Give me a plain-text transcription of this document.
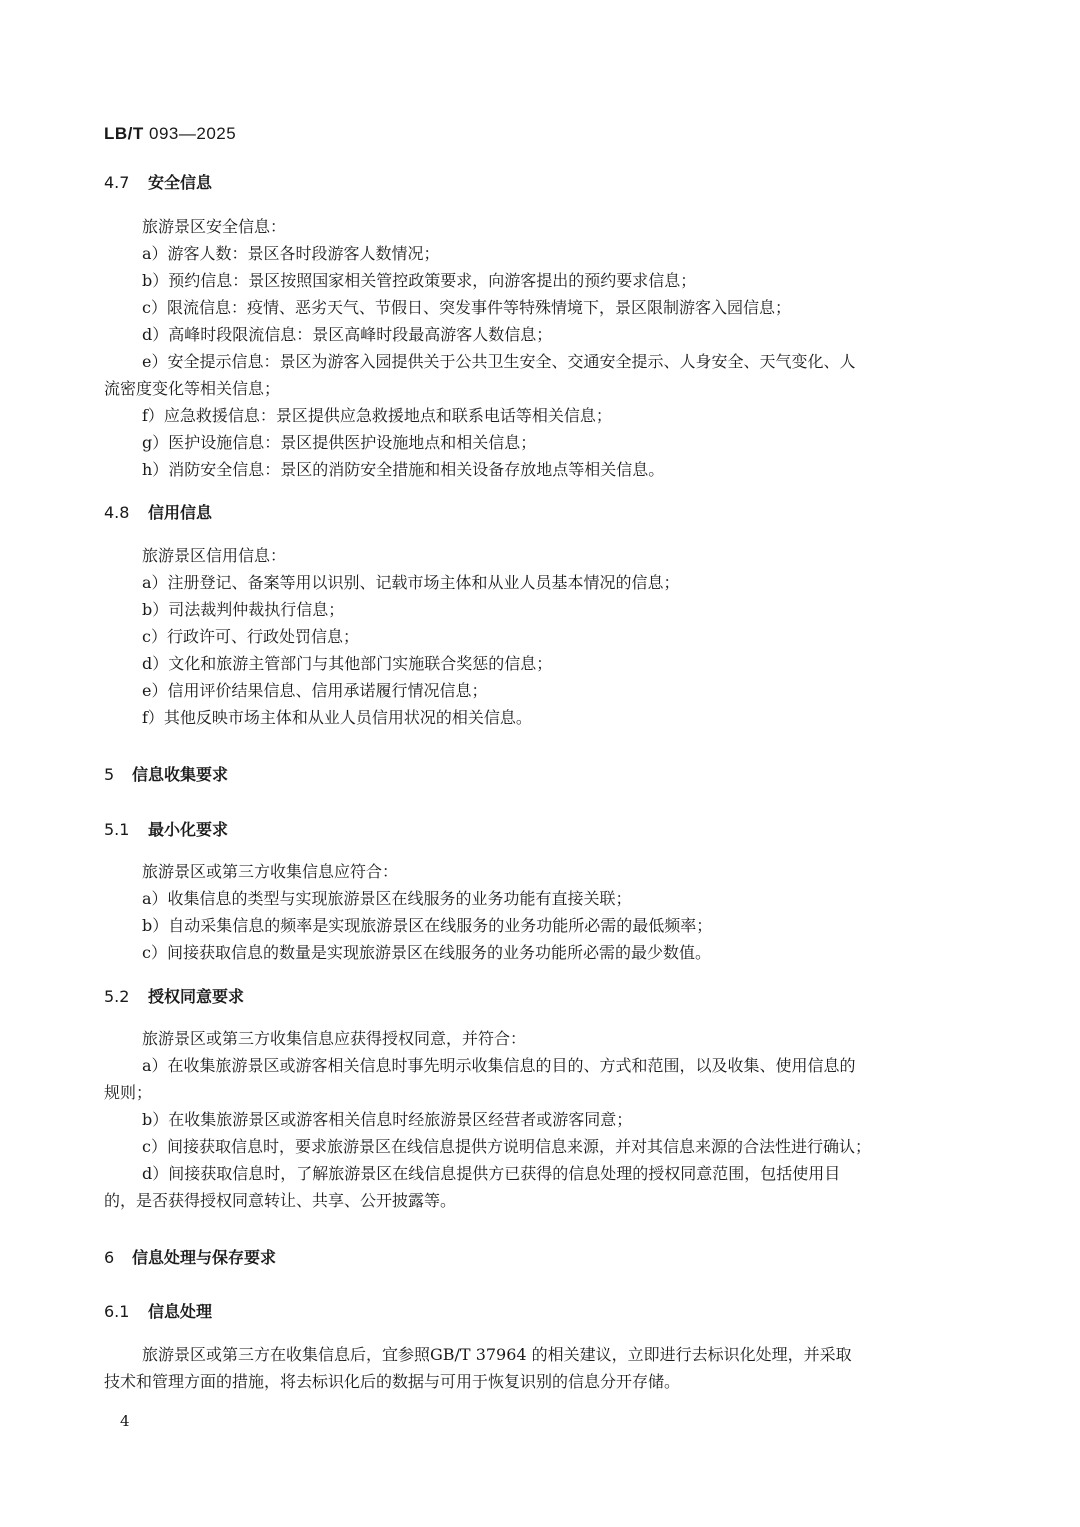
LB/T 093—2025
4.7 安全信息
旅游景区安全信息：
a）游客人数：景区各时段游客人数情况；
b）预约信息：景区按照国家相关管控政策要求，向游客提出的预约要求信息；
c）限流信息：疫情、恶劣天气、节假日、突发事件等特殊情境下，景区限制游客入园信息；
d）高峰时段限流信息：景区高峰时段最高游客人数信息；
e）安全提示信息：景区为游客入园提供关于公共卫生安全、交通安全提示、人身安全、天气变化、人
流密度变化等相关信息；
f）应急救援信息：景区提供应急救援地点和联系电话等相关信息；
g）医护设施信息：景区提供医护设施地点和相关信息；
h）消防安全信息：景区的消防安全措施和相关设备存放地点等相关信息。
4.8 信用信息
旅游景区信用信息：
a）注册登记、备案等用以识别、记载市场主体和从业人员基本情况的信息；
b）司法裁判仲裁执行信息；
c）行政许可、行政处罚信息；
d）文化和旅游主管部门与其他部门实施联合奖惩的信息；
e）信用评价结果信息、信用承诺履行情况信息；
f）其他反映市场主体和从业人员信用状况的相关信息。
5 信息收集要求
5.1 最小化要求
旅游景区或第三方收集信息应符合：
a）收集信息的类型与实现旅游景区在线服务的业务功能有直接关联；
b）自动采集信息的频率是实现旅游景区在线服务的业务功能所必需的最低频率；
c）间接获取信息的数量是实现旅游景区在线服务的业务功能所必需的最少数值。
5.2 授权同意要求
旅游景区或第三方收集信息应获得授权同意，并符合：
a）在收集旅游景区或游客相关信息时事先明示收集信息的目的、方式和范围，以及收集、使用信息的
规则；
b）在收集旅游景区或游客相关信息时经旅游景区经营者或游客同意；
c）间接获取信息时，要求旅游景区在线信息提供方说明信息来源，并对其信息来源的合法性进行确认；
d）间接获取信息时，了解旅游景区在线信息提供方已获得的信息处理的授权同意范围，包括使用目
的，是否获得授权同意转让、共享、公开披露等。
6 信息处理与保存要求
6.1 信息处理
旅游景区或第三方在收集信息后，宜参照GB/T 37964 的相关建议，立即进行去标识化处理，并采取
技术和管理方面的措施，将去标识化后的数据与可用于恢复识别的信息分开存储。
4
